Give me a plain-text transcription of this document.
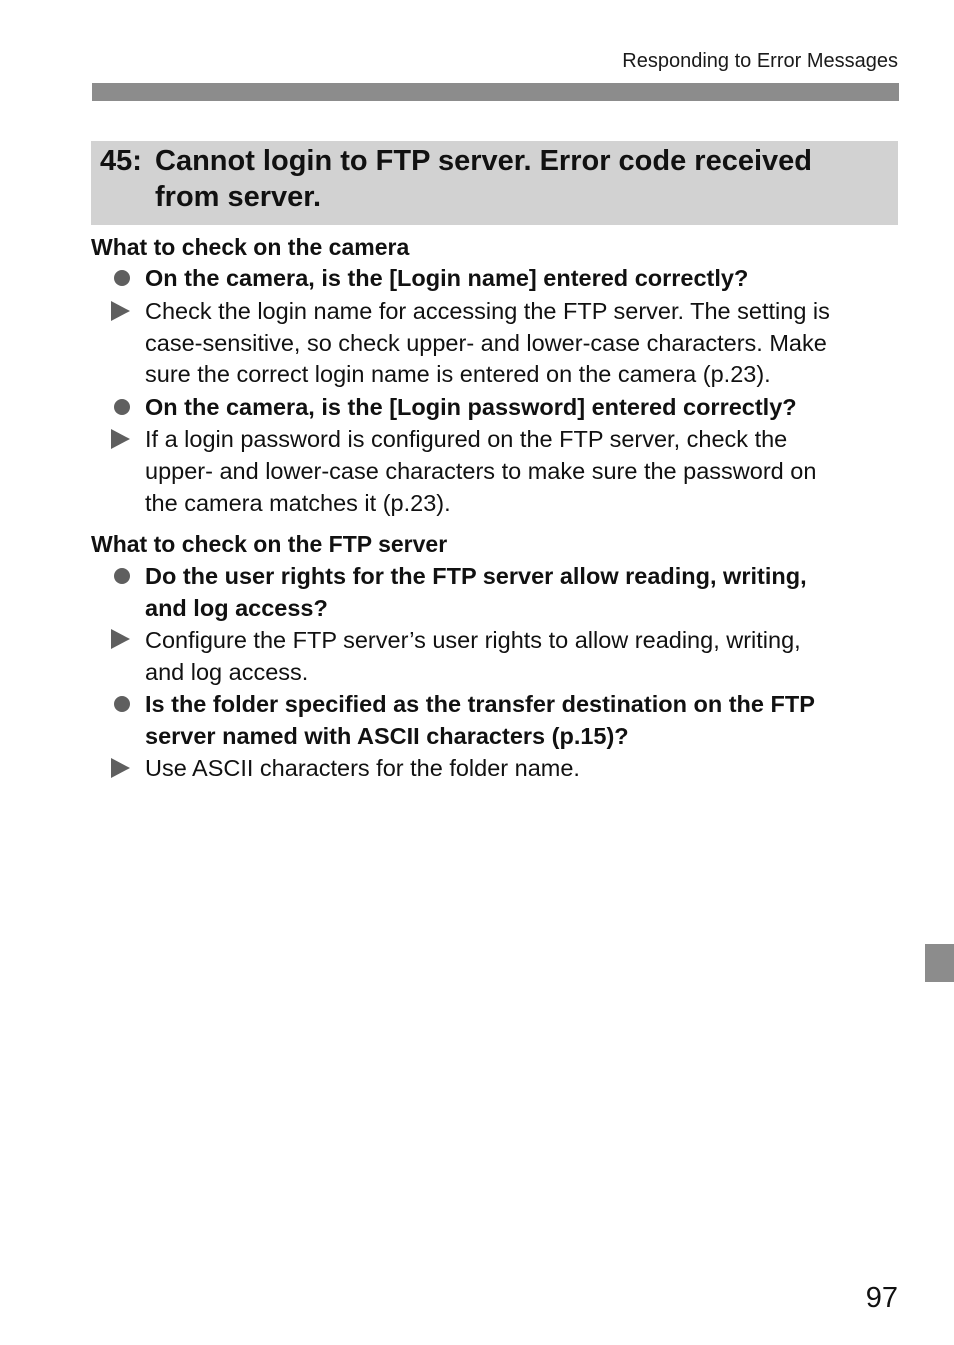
Responding to Error Messages
45: Cannot login to FTP server. Error code received
from server.
What to check on the camera
On the camera, is the [Login name] entered correctly?
Check the login name for accessing the FTP server. The setting is
case-sensitive, so check upper- and lower-case characters. Make
sure the correct login name is entered on the camera (p.23).
On the camera, is the [Login password] entered correctly?
If a login password is configured on the FTP server, check the
upper- and lower-case characters to make sure the password on
the camera matches it (p.23).
What to check on the FTP server
Do the user rights for the FTP server allow reading, writing,
and log access?
Configure the FTP server’s user rights to allow reading, writing,
and log access.
Is the folder specified as the transfer destination on the FTP
server named with ASCII characters (p.15)?
Use ASCII characters for the folder name.
97
